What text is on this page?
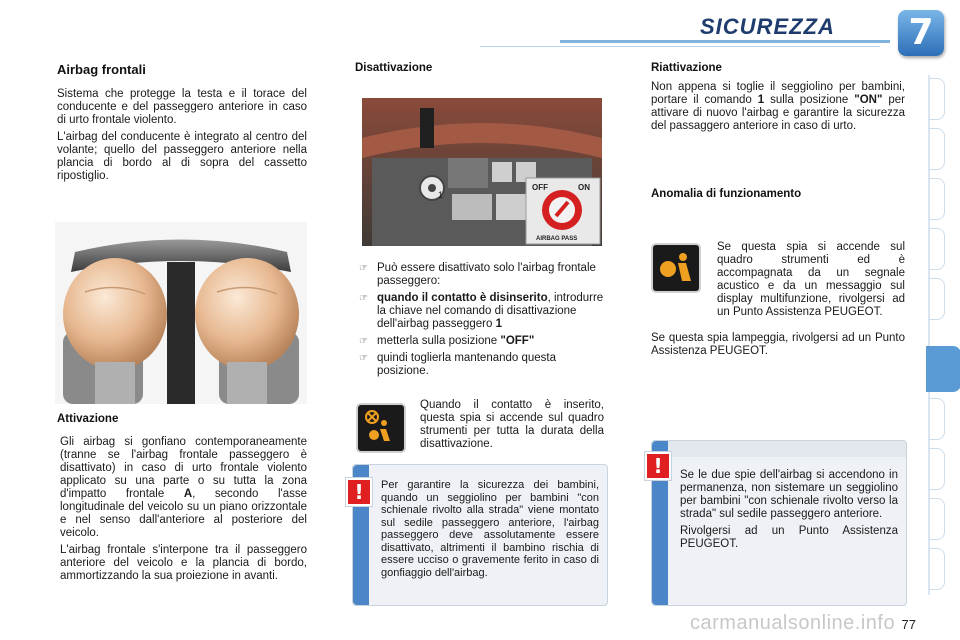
SICUREZZA 7
Airbag frontali

Sistema che protegge la testa e il torace del conducente e del passeggero anteriore in caso di urto frontale violento.

L'airbag del conducente è integrato al centro del volante; quello del passeggero anteriore nella plancia di bordo al di sopra del cassetto ripostiglio.

Attivazione

Gli airbag si gonfiano contemporaneamente (tranne se l'airbag frontale passeggero è disattivato) in caso di urto frontale violento applicato su una parte o su tutta la zona d'impatto frontale A, secondo l'asse longitudinale del veicolo su un piano orizzontale e nel senso dall'anteriore al posteriore del veicolo.

L'airbag frontale s'interpone tra il passeggero anteriore del veicolo e la plancia di bordo, ammortizzando la sua proiezione in avanti.

Disattivazione
1
OFF	ON
AIRBAG PASS
☞ Può essere disattivato solo l'airbag frontale passeggero:
☞ quando il contatto è disinserito, introdurre la chiave nel comando di disattivazione dell'airbag passeggero 1
☞ metterla sulla posizione "OFF"
☞ quindi toglierla mantenando questa posizione.
Quando il contatto è inserito, questa spia si accende sul quadro strumenti per tutta la durata della disattivazione.
Per garantire la sicurezza dei bambini, quando un seggiolino per bambini "con schienale rivolto alla strada" viene montato sul sedile passeggero anteriore, l'airbag passeggero deve assolutamente essere disattivato, altrimenti il bambino rischia di essere ucciso o gravemente ferito in caso di gonfiaggio dell'airbag.
!
Riattivazione

Non appena si toglie il seggiolino per bambini, portare il comando 1 sulla posizione "ON" per attivare di nuovo l'airbag e garantire la sicurezza del passaggero anteriore in caso di urto.

Anomalia di funzionamento
Se questa spia si accende sul quadro strumenti ed è accompagnata da un segnale acustico e da un messaggio sul display multifunzione, rivolgersi ad un Punto Assistenza PEUGEOT.
Se questa spia lampeggia, rivolgersi ad un Punto Assistenza PEUGEOT.

Se le due spie dell'airbag si accendono in permanenza, non sistemare un seggiolino per bambini "con schienale rivolto verso la strada" sul sedile passeggero anteriore.

Rivolgersi ad un Punto Assistenza PEUGEOT.

!
77
carmanualsonline.info
